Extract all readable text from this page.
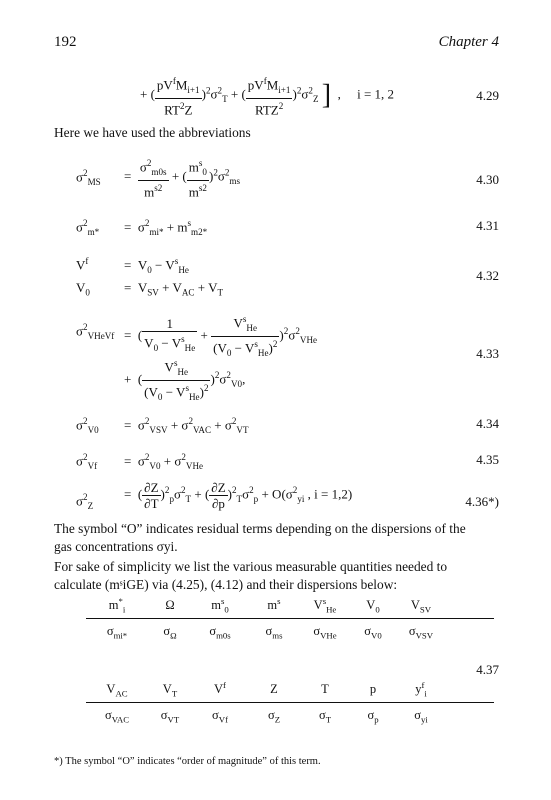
192	Chapter 4
+ ( $\frac{pV^fM_{i+1}}{RT^2Z} )^2\sigma^2_T$ + ( $\frac{pV^fM_{i+1}}{RTZ^2} )^2\sigma^2_Z$ ]  ,     i = 1, 2	4.29
Here we have used the abbreviations
$\sigma^2_{MS} = \frac{\sigma^2_{m0s}}{m^{s2}}$ + ( $\frac{m^s_0}{m^{s2}} )^2\sigma^2_{ms}$	4.30
$\sigma^2_{m*} = \sigma^2_{mi*} + m^s_{m2*}$	4.31
$V^f$	=  $V_0 - V^s_{He}$
$V_0$	=  $V_{SV} + V_{AC} + V_T$
4.32
$\sigma^2_{VHeVf}$ =  ( $\frac{1}{V_0 - V^s_{He}} + \frac{V^s_{He}}{(V_0 - V^s_{He})^2} )^2\sigma^2_{VHe}$
+  ( $\frac{V^s_{He}}{(V_0 - V^s_{He})^2} )^2\sigma^2_{V0}$,
4.33
$\sigma^2_{V0} = \sigma^2_{VSV} + \sigma^2_{VAC} + \sigma^2_{VT}$	4.34
$\sigma^2_{Vf} = \sigma^2_{V0} + \sigma^2_{VHe}$	4.35
$\sigma^2_Z$
=  ( $\frac{\partial Z}{\partial T} )^2_p\sigma^2_T$ + ( $\frac{\partial Z}{\partial p} )^2_T\sigma^2_p + O(\sigma^2_{yi}$ , i = 1,2)
4.36*)
The symbol “O” indicates residual terms depending on the dispersions of the
gas concentrations σyi.
For sake of simplicity we list the various measurable quantities needed to
calculate (mˢiGE) via (4.25), (4.12) and their dispersions below:
$m^*_i$	Ω	$m^s_0$	$m^s$	$V^s_{He}$ $V_0$ $V_{SV}$
$\sigma_{mi*}$	$\sigma_\Omega$	$\sigma_{m0s}$	$\sigma_{ms}$ $\sigma_{VHe}$ $\sigma_{V0}$ $\sigma_{VSV}$
4.37
$V_{AC}$	$V_T$	$V^f$	Z	T	p	$y^f_i$
$\sigma_{VAC}$	$\sigma_{VT}$	$\sigma_{Vf}$	$\sigma_Z$	$\sigma_T$	$\sigma_p$	$\sigma_{yi}$
*) The symbol “O” indicates “order of magnitude” of this term.
